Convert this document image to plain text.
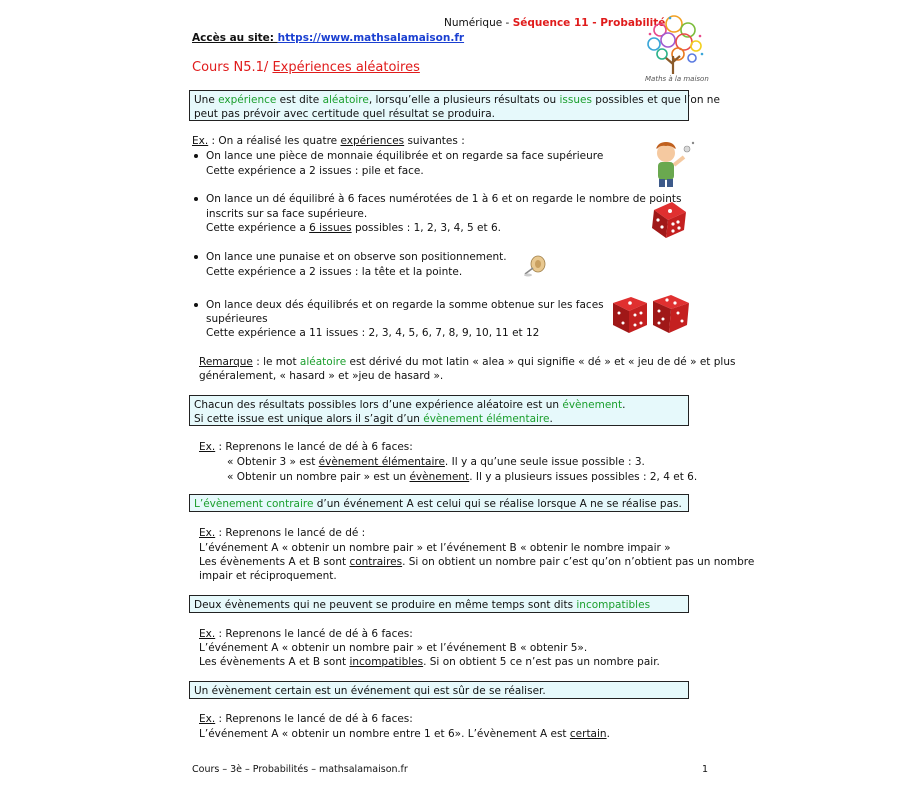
Numérique - Séquence 11 - Probabilité
Accès au site: https://www.mathsalamaison.fr
Maths à la maison
Cours N5.1/ Expériences aléatoires
Une expérience est dite aléatoire, lorsqu’elle a plusieurs résultats ou issues possibles et que l’on ne
peut pas prévoir avec certitude quel résultat se produira.
Ex. : On a réalisé les quatre expériences suivantes :
On lance une pièce de monnaie équilibrée et on regarde sa face supérieure
Cette expérience a 2 issues : pile et face.
On lance un dé équilibré à 6 faces numérotées de 1 à 6 et on regarde le nombre de points
inscrits sur sa face supérieure.
Cette expérience a 6 issues possibles : 1, 2, 3, 4, 5 et 6.
On lance une punaise et on observe son positionnement.
Cette expérience a 2 issues : la tête et la pointe.
On lance deux dés équilibrés et on regarde la somme obtenue sur les faces
supérieures
Cette expérience a 11 issues : 2, 3, 4, 5, 6, 7, 8, 9, 10, 11 et 12
Remarque : le mot aléatoire est dérivé du mot latin « alea » qui signifie « dé » et « jeu de dé » et plus
généralement, « hasard » et »jeu de hasard ».
Chacun des résultats possibles lors d’une expérience aléatoire est un évènement.
Si cette issue est unique alors il s’agit d’un évènement élémentaire.
Ex. : Reprenons le lancé de dé à 6 faces:
« Obtenir 3 » est évènement élémentaire. Il y a qu’une seule issue possible : 3.
« Obtenir un nombre pair » est un évènement. Il y a plusieurs issues possibles : 2, 4 et 6.
L’évènement contraire d’un événement A est celui qui se réalise lorsque A ne se réalise pas.
Ex. : Reprenons le lancé de dé :
L’événement A « obtenir un nombre pair » et l’événement B « obtenir le nombre impair »
Les évènements A et B sont contraires. Si on obtient un nombre pair c’est qu’on n’obtient pas un nombre
impair et réciproquement.
Deux évènements qui ne peuvent se produire en même temps sont dits incompatibles
Ex. : Reprenons le lancé de dé à 6 faces:
L’événement A « obtenir un nombre pair » et l’événement B « obtenir 5».
Les évènements A et B sont incompatibles. Si on obtient 5 ce n’est pas un nombre pair.
Un évènement certain est un événement qui est sûr de se réaliser.
Ex. : Reprenons le lancé de dé à 6 faces:
L’événement A « obtenir un nombre entre 1 et 6». L’évènement A est certain.
Cours – 3è – Probabilités – mathsalamaison.fr	1
